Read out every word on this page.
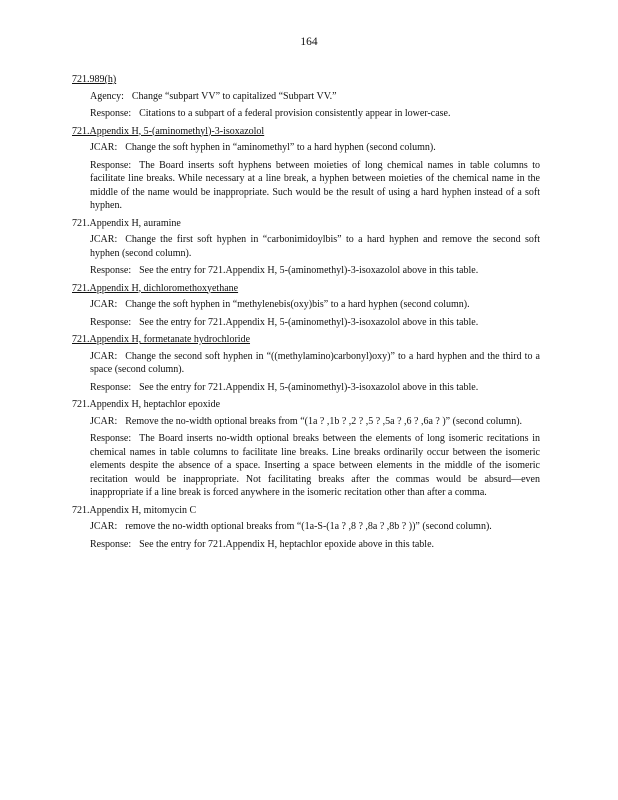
164
721.989(h)
Agency: Change “subpart VV” to capitalized “Subpart VV.”
Response: Citations to a subpart of a federal provision consistently appear in lower-case.
721.Appendix H, 5-(aminomethyl)-3-isoxazolol
JCAR: Change the soft hyphen in “aminomethyl” to a hard hyphen (second column).
Response: The Board inserts soft hyphens between moieties of long chemical names in table columns to facilitate line breaks. While necessary at a line break, a hyphen between moieties of the chemical name in the middle of the name would be inappropriate. Such would be the result of using a hard hyphen instead of a soft hyphen.
721.Appendix H, auramine
JCAR: Change the first soft hyphen in “carbonimidoylbis” to a hard hyphen and remove the second soft hyphen (second column).
Response: See the entry for 721.Appendix H, 5-(aminomethyl)-3-isoxazolol above in this table.
721.Appendix H, dichloromethoxyethane
JCAR: Change the soft hyphen in “methylenebis(oxy)bis” to a hard hyphen (second column).
Response: See the entry for 721.Appendix H, 5-(aminomethyl)-3-isoxazolol above in this table.
721.Appendix H, formetanate hydrochloride
JCAR: Change the second soft hyphen in “((methylamino)carbonyl)oxy)” to a hard hyphen and the third to a space (second column).
Response: See the entry for 721.Appendix H, 5-(aminomethyl)-3-isoxazolol above in this table.
721.Appendix H, heptachlor epoxide
JCAR: Remove the no-width optional breaks from “(1a ? ,1b ? ,2 ? ,5 ? ,5a ? ,6 ? ,6a ? )” (second column).
Response: The Board inserts no-width optional breaks between the elements of long isomeric recitations in chemical names in table columns to facilitate line breaks. Line breaks ordinarily occur between the isomeric elements despite the absence of a space. Inserting a space between elements in the middle of the isomeric recitation would be inappropriate. Not facilitating breaks after the commas would be absurd—even inappropriate if a line break is forced anywhere in the isomeric recitation other than after a comma.
721.Appendix H, mitomycin C
JCAR: remove the no-width optional breaks from “(1a-S-(1a ? ,8 ? ,8a ? ,8b ? ))” (second column).
Response: See the entry for 721.Appendix H, heptachlor epoxide above in this table.
